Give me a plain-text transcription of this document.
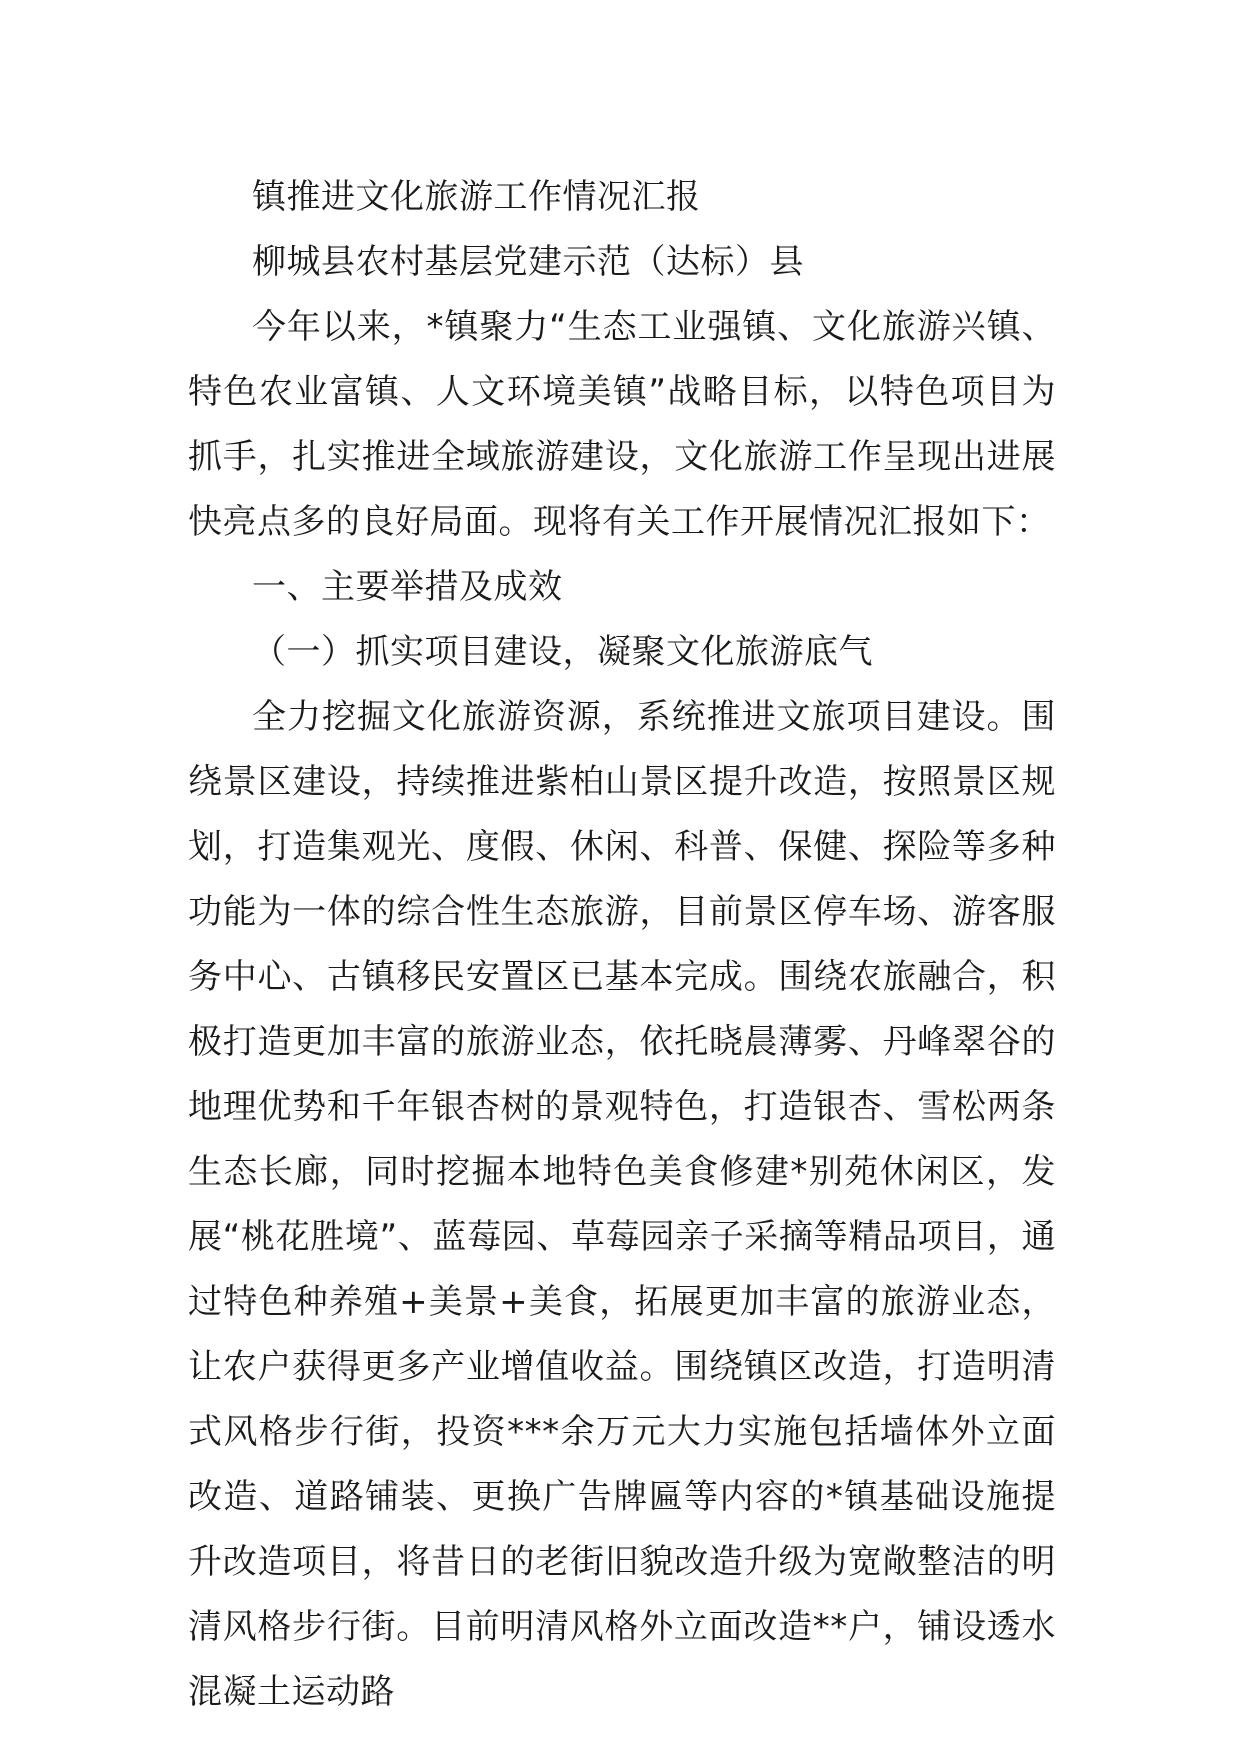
镇推进文化旅游工作情况汇报

柳城县农村基层党建示范（达标）县

今年以来，*镇聚力“生态工业强镇、文化旅游兴镇、特色农业富镇、人文环境美镇”战略目标，以特色项目为抓手，扎实推进全域旅游建设，文化旅游工作呈现出进展快亮点多的良好局面。现将有关工作开展情况汇报如下：

一、主要举措及成效

（一）抓实项目建设，凝聚文化旅游底气

全力挖掘文化旅游资源，系统推进文旅项目建设。围绕景区建设，持续推进紫柏山景区提升改造，按照景区规划，打造集观光、度假、休闲、科普、保健、探险等多种功能为一体的综合性生态旅游，目前景区停车场、游客服务中心、古镇移民安置区已基本完成。围绕农旅融合，积极打造更加丰富的旅游业态，依托晓晨薄雾、丹峰翠谷的地理优势和千年银杏树的景观特色，打造银杏、雪松两条生态长廊，同时挖掘本地特色美食修建*别苑休闲区，发展“桃花胜境”、蓝莓园、草莓园亲子采摘等精品项目，通过特色种养殖+美景+美食，拓展更加丰富的旅游业态，让农户获得更多产业增值收益。围绕镇区改造，打造明清式风格步行街，投资***余万元大力实施包括墙体外立面改造、道路铺装、更换广告牌匾等内容的*镇基础设施提升改造项目，将昔日的老街旧貌改造升级为宽敞整洁的明清风格步行街。目前明清风格外立面改造**户，铺设透水混凝土运动路
